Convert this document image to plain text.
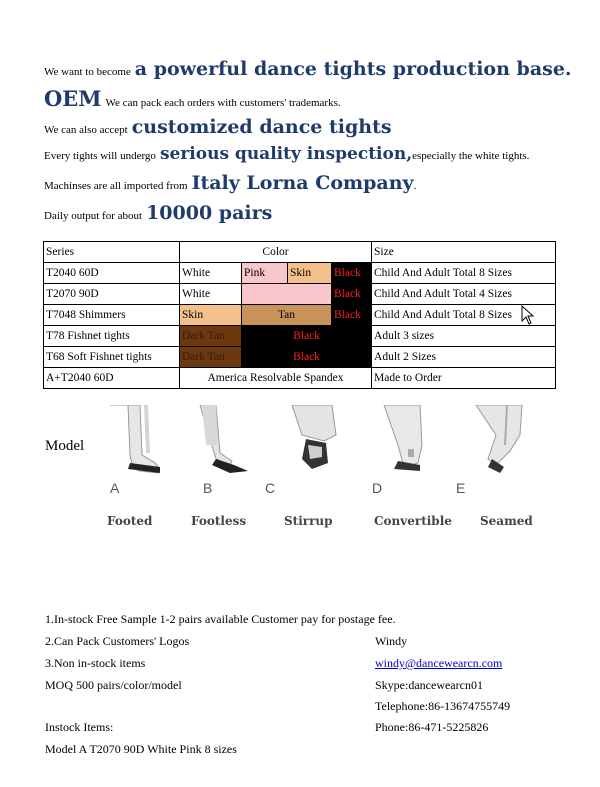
We want to become a powerful dance tights production base.
OEM We can pack each orders with customers' trademarks.
We can also accept customized dance tights
Every tights will undergo serious quality inspection,especially the white tights.
Machinses are all imported from Italy Lorna Company.
Daily output for about 10000 pairs
Series	Color				Size
T2040 60D	White	Pink	Skin	Black	Child And Adult Total 8 Sizes
T2070 90D	White			Black	Child And Adult Total 4 Sizes
T7048 Shimmers	Skin	Tan		Black	Child And Adult Total 8 Sizes
T78 Fishnet tights	Dark Tan	Black			Adult 3 sizes
T68 Soft Fishnet tights	Dark Tan	Black			Adult 2 Sizes
A+T2040 60D	America Resolvable Spandex				Made to Order
Model
A	B	C	D	E
Footed	Footless	Stirrup	Convertible Seamed
1.In-stock Free Sample 1-2 pairs available Customer pay for postage fee.
2.Can Pack Customers' Logos
3.Non in-stock items
MOQ 500 pairs/color/model
Instock Items:
Model A T2070 90D White Pink 8 sizes
Windy
windy@dancewearcn.com
Skype:dancewearcn01
Telephone:86-13674755749
Phone:86-471-5225826
